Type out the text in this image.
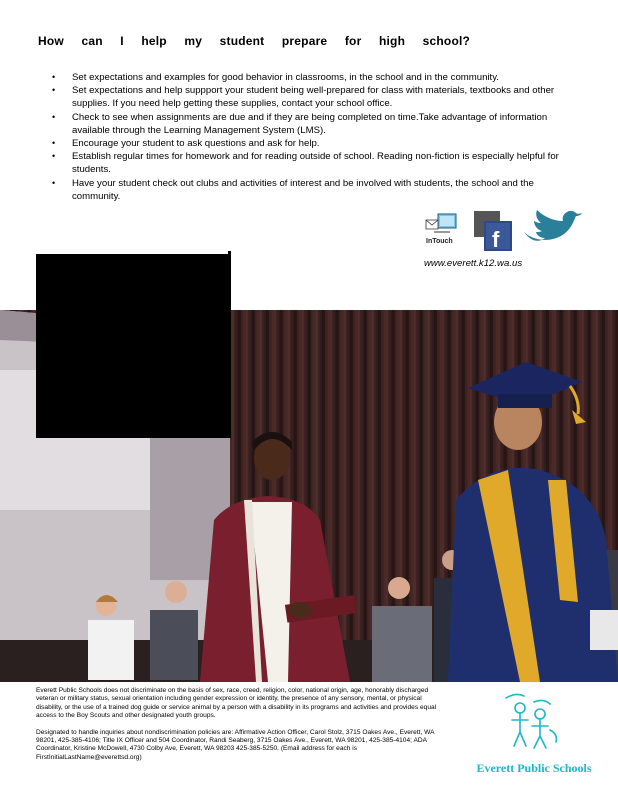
How can I help my student prepare for high school?
• Set expectations and examples for good behavior in classrooms, in the school and in the community.
• Set expectations and help suppport your student being well-prepared for class with materials, textbooks and other supplies. If you need help getting these supplies, contact your school office.
• Check to see when assignments are due and if they are being completed on time.Take advantage of information available through the Learning Management System (LMS).
• Encourage your student to ask questions and ask for help.
• Establish regular times for homework and for reading outside of school. Reading non-fiction is especially helpful for students.
• Have your student check out clubs and activities of interest and be involved with students, the school and the community.
InTouch f
www.everett.k12.wa.us

Everett Public Schools does not discriminate on the basis of sex, race, creed, religion, color, national origin, age, honorably discharged veteran or military status, sexual orientation including gender expression or identity, the presence of any sensory, mental, or physical disability, or the use of a trained dog guide or service animal by a person with a disability in its programs and activities and provides equal access to the Boy Scouts and other designated youth groups.

Designated to handle inquiries about nondiscrimination policies are: Affirmative Action Officer, Carol Stolz, 3715 Oakes Ave., Everett, WA 98201, 425-385-4106; Title IX Officer and 504 Coordinator, Randi Seaberg, 3715 Oakes Ave., Everett, WA 98201, 425-385-4104; ADA Coordinator, Kristine McDowell, 4730 Colby Ave, Everett, WA 98203 425-385-5250. (Email address for each is FirstInitialLastName@everettsd.org)

Everett Public Schools
